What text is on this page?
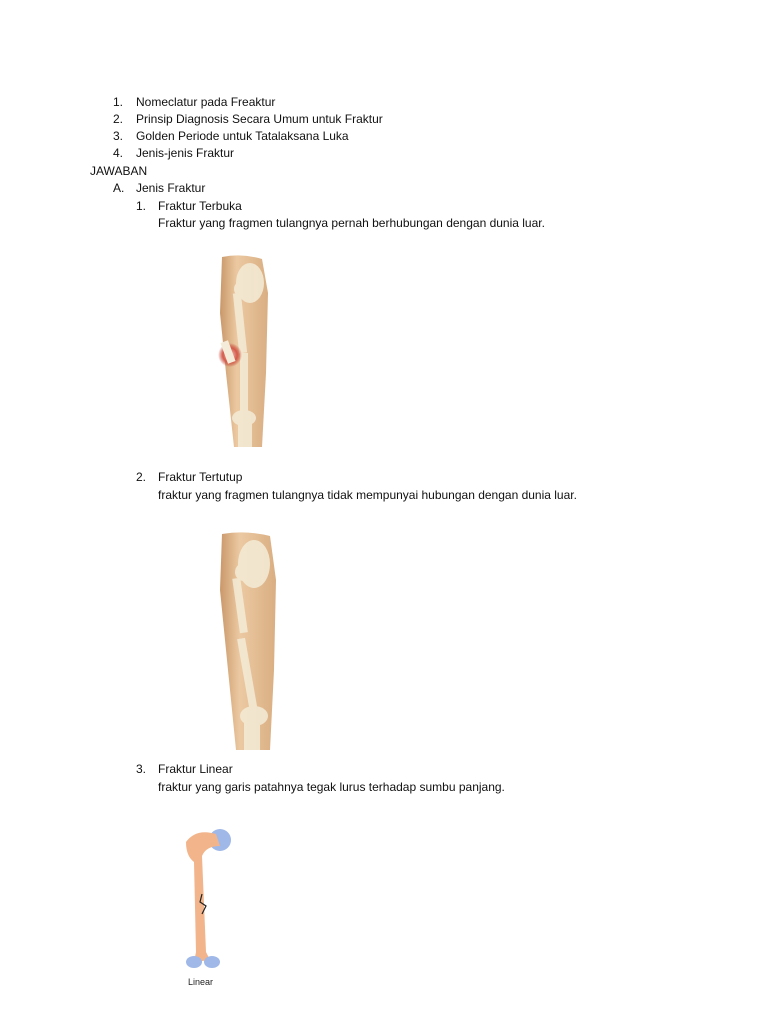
1. Nomeclatur pada Freaktur
2. Prinsip Diagnosis Secara Umum untuk Fraktur
3. Golden Periode untuk Tatalaksana Luka
4. Jenis-jenis Fraktur
JAWABAN
A. Jenis Fraktur
1. Fraktur Terbuka
Fraktur yang fragmen tulangnya pernah berhubungan dengan dunia luar.
2. Fraktur Tertutup
fraktur yang fragmen tulangnya tidak mempunyai hubungan dengan dunia luar.
3. Fraktur Linear
fraktur yang garis patahnya tegak lurus terhadap sumbu panjang.
Linear
